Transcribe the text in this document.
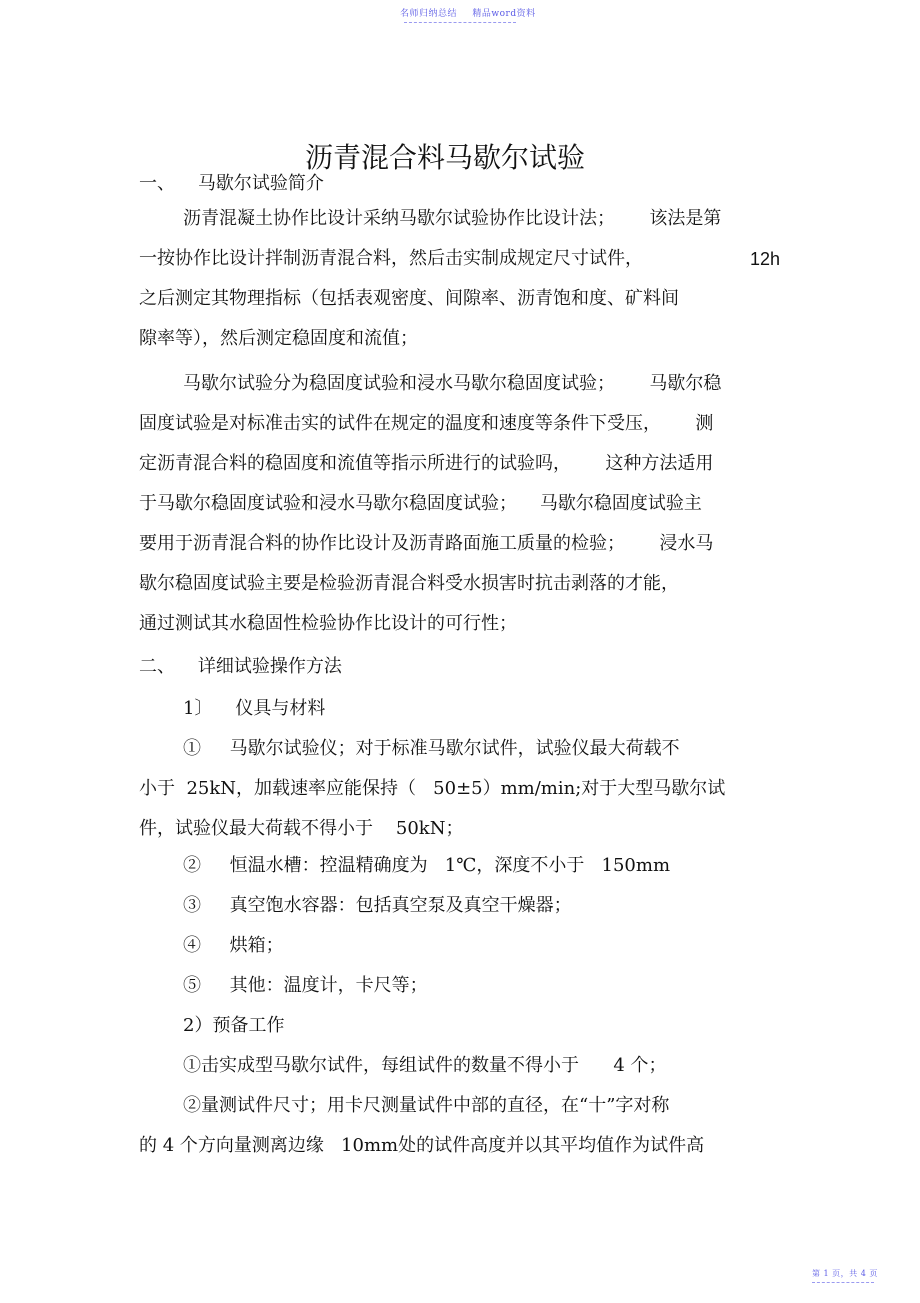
名师归纳总结 精品word资料
沥青混合料马歇尔试验
一、    马歇尔试验简介
沥青混凝土协作比设计采纳马歇尔试验协作比设计法；      该法是第
一按协作比设计拌制沥青混合料，然后击实制成规定尺寸试件，	12h
之后测定其物理指标（包括表观密度、间隙率、沥青饱和度、矿料间
隙率等），然后测定稳固度和流值；
马歇尔试验分为稳固度试验和浸水马歇尔稳固度试验；      马歇尔稳
固度试验是对标准击实的试件在规定的温度和速度等条件下受压，      测
定沥青混合料的稳固度和流值等指示所进行的试验吗，      这种方法适用
于马歇尔稳固度试验和浸水马歇尔稳固度试验；    马歇尔稳固度试验主
要用于沥青混合料的协作比设计及沥青路面施工质量的检验；      浸水马
歇尔稳固度试验主要是检验沥青混合料受水损害时抗击剥落的才能，
通过测试其水稳固性检验协作比设计的可行性；
二、    详细试验操作方法
1〕    仪具与材料
①     马歇尔试验仪；对于标准马歇尔试件，试验仪最大荷载不
小于  25kN，加载速率应能保持（   50±5）mm/min;对于大型马歇尔试
件，试验仪最大荷载不得小于    50kN；
②     恒温水槽：控温精确度为   1℃，深度不小于   150mm
③     真空饱水容器：包括真空泵及真空干燥器；
④     烘箱；
⑤     其他：温度计，卡尺等；
2）预备工作
①击实成型马歇尔试件，每组试件的数量不得小于      4 个；
②量测试件尺寸；用卡尺测量试件中部的直径，在“十”字对称
的 4 个方向量测离边缘   10mm处的试件高度并以其平均值作为试件高
第 1 页，共 4 页
